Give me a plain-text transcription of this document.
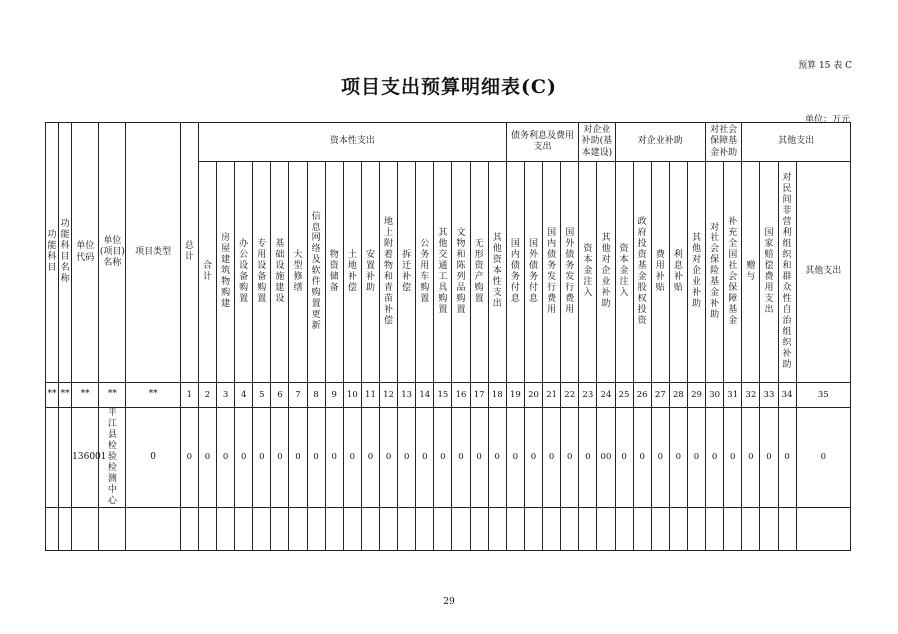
预算 15 表 C
项目支出预算明细表(C)
单位：万元
功能科目	功能科目名称	单位代码	单位(项目)名称	项目类型	总计	资本性支出																	债务利息及费用支出				对企业补助(基本建设)		对企业补助					对社会保障基金补助		其他支出			
						合计	房屋建筑物购建	办公设备购置	专用设备购置	基础设施建设	大型修缮	信息网络及软件购置更新	物资储备	土地补偿	安置补助	地上附着物和青苗补偿	拆迁补偿	公务用车购置	其他交通工具购置	文物和陈列品购置	无形资产购置	其他资本性支出	国内债务付息	国外债务付息	国内债务发行费用	国外债务发行费用	资本金注入	其他对企业补助	资本金注入	政府投资基金股权投资	费用补贴	利息补贴	其他对企业补助	对社会保险基金补助	补充全国社会保障基金	赠与	国家赔偿费用支出	对民间非营利组织和群众性自治组织补助	其他支出
**	**	**	**	**	1	2	3	4	5	6	7	8	9	10	11	12	13	14	15	16	17	18	19	20	21	22	23	24	25	26	27	28	29	30	31	32	33	34	35
		136001	平江县检验检测中心	0	0	0	0	0	0	0	0	0	0	0	0	0	0	0	0	0	0	0	0	0	0	0	0	00	0	0	0	0	0	0	0	0	0	0	0

29
